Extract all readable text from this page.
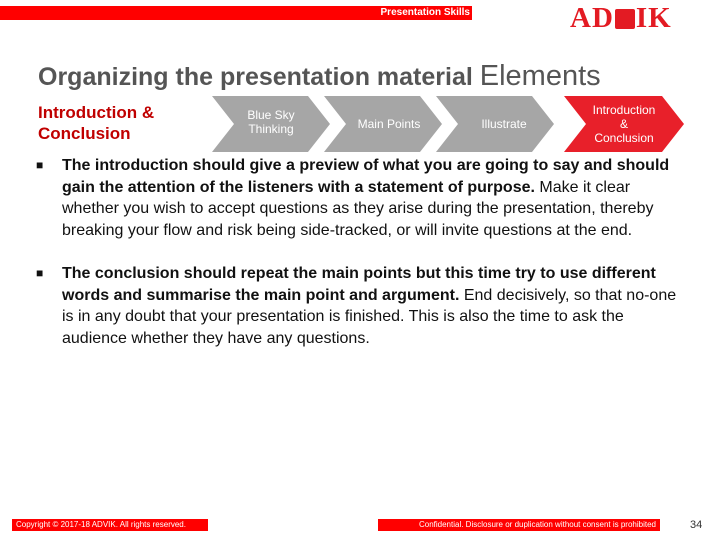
Presentation Skills	AD IK
Organizing the presentation material Elements
Introduction &
Conclusion
Blue Sky
Thinking	Main Points	Illustrate
Introduction
&
Conclusion
■ The introduction should give a preview of what you are going to say and should gain the attention of the listeners with a statement of purpose. Make it clear whether you wish to accept questions as they arise during the presentation, thereby breaking your flow and risk being side-tracked, or will invite questions at the end.
■ The conclusion should repeat the main points but this time try to use different words and summarise the main point and argument. End decisively, so that no-one is in any doubt that your presentation is finished. This is also the time to ask the audience whether they have any questions.
Copyright © 2017-18 ADVIK. All rights reserved.	Confidential. Disclosure or duplication without consent is prohibited	34
